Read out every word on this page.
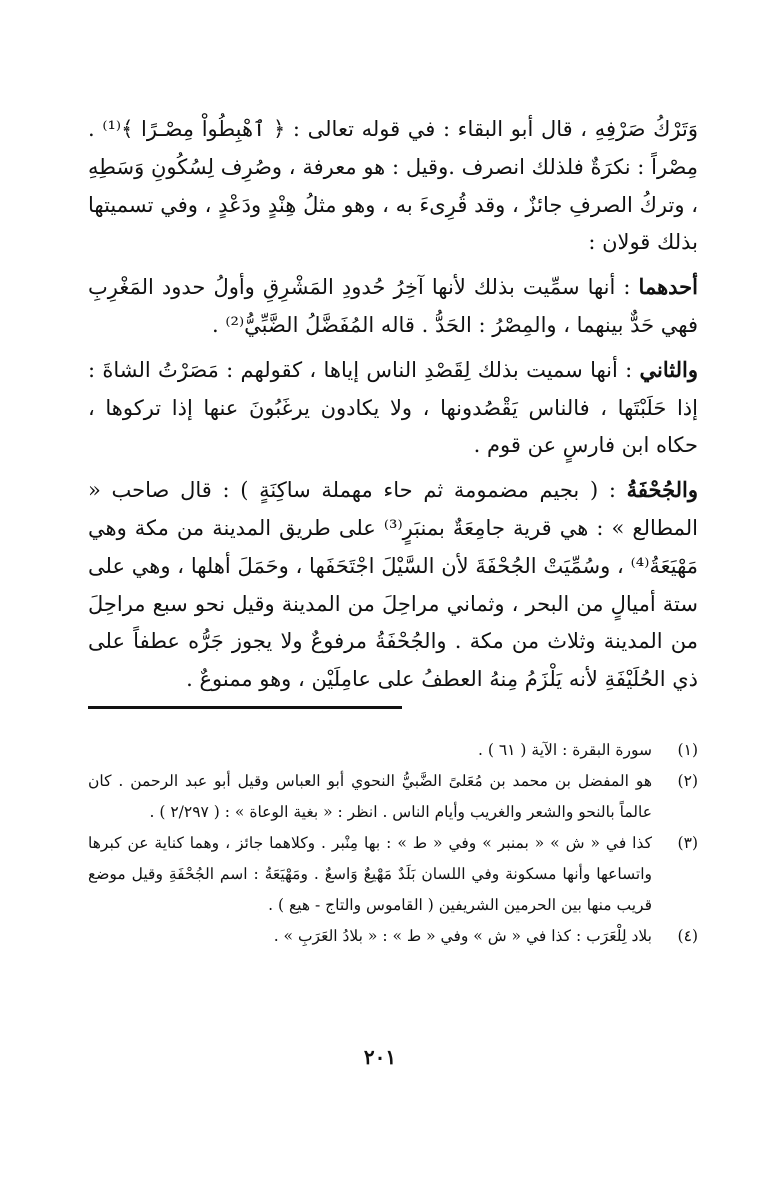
وَتَرْكُ صَرْفِهِ ، قال أبو البقاء : في قوله تعالى : ﴿ ٱهْبِطُواْ مِصْـرًا ﴾⁽¹⁾ . مِصْراً : نكرَةٌ فلذلك انصرف .وقيل : هو معرفة ، وصُرِف لِسُكُونِ وَسَطِهِ ، وتركُ الصرفِ جائزٌ ، وقد قُرِىءَ به ، وهو مثلُ هِنْدٍ ودَعْدٍ ، وفي تسميتها بذلك قولان :

أحدهما : أنها سمِّيت بذلك لأنها آخِرُ حُدودِ المَشْرِقِ وأولُ حدود المَغْرِبِ فهي حَدٌّ بينهما ، والمِصْرُ : الحَدُّ . قاله المُفَضَّلُ الضَّبِّيُّ⁽²⁾ .

والثاني : أنها سميت بذلك لِقَصْدِ الناس إياها ، كقولهم : مَصَرْتُ الشاةَ : إذا حَلَبْتَها ، فالناس يَقْصُدونها ، ولا يكادون يرغَبُونَ عنها إذا تركوها ، حكاه ابن فارسٍ عن قوم .

والجُحْفَةُ : ( بجيم مضمومة ثم حاء مهملة ساكِنَةٍ ) : قال صاحب « المطالع » : هي قرية جامِعَةٌ بمنبَرٍ⁽³⁾ على طريق المدينة من مكة وهي مَهْيَعَةُ⁽⁴⁾ ، وسُمِّيَتْ الجُحْفَةَ لأن السَّيْلَ اجْتَحَفَها ، وحَمَلَ أهلها ، وهي على ستة أميالٍ من البحر ، وثماني مراحِلَ من المدينة وقيل نحو سبع مراحِلَ من المدينة وثلاث من مكة . والجُحْفَةُ مرفوعٌ ولا يجوز جَرُّه عطفاً على ذي الحُلَيْفَةِ لأنه يَلْزَمُ مِنهُ العطفُ على عامِلَيْن ، وهو ممنوعٌ .

(١)
سورة البقرة : الآية ( ٦١ ) .
(٢)
هو المفضل بن محمد بن مُعَلىً الضَّبيُّ النحوي أبو العباس وقيل أبو عبد الرحمن . كان عالماً بالنحو والشعر والغريب وأيام الناس . انظر : « بغية الوعاة » : ( ٢/٢٩٧ ) .
(٣)
كذا في « ش » « بمنبر » وفي « ط » : بها مِنْبر . وكلاهما جائز ، وهما كناية عن كبرها واتساعها وأنها مسكونة وفي اللسان بَلَدٌ مَهْيعٌ وَاسعٌ . ومَهْيَعَةُ : اسم الجُحْفَةِ وقيل موضع قريب منها بين الحرمين الشريفين ( القاموس والتاج - هيع ) .
(٤)
بلاد لِلْعَرَب : كذا في « ش » وفي « ط » : « بلادُ العَرَبِ » .
٢٠١
